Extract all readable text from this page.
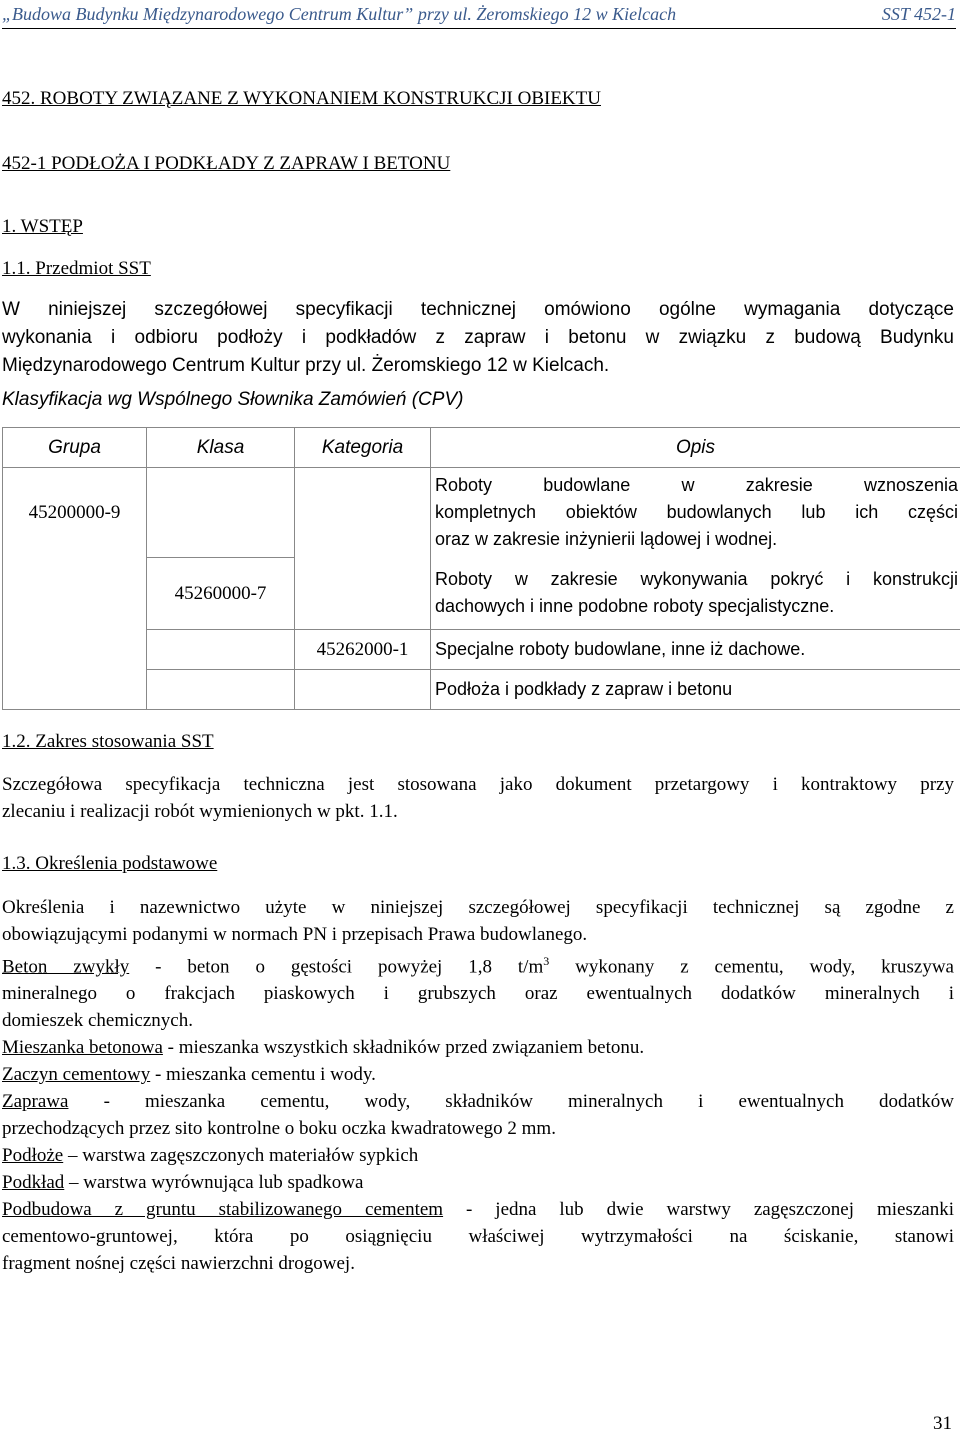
„Budowa Budynku Międzynarodowego Centrum Kultur” przy ul. Żeromskiego 12 w Kielcach	SST 452-1
452. ROBOTY ZWIĄZANE Z WYKONANIEM KONSTRUKCJI OBIEKTU
452-1 PODŁOŻA I PODKŁADY Z ZAPRAW I BETONU
1. WSTĘP
1.1. Przedmiot SST
W niniejszej szczegółowej specyfikacji technicznej omówiono ogólne wymagania dotyczące
wykonania i odbioru podłoży i podkładów z zapraw i betonu w związku z budową Budynku
Międzynarodowego Centrum Kultur przy ul. Żeromskiego 12 w Kielcach.
Klasyfikacja wg Wspólnego Słownika Zamówień (CPV)
Grupa	Klasa	Kategoria	Opis
45200000-9			Roboty budowlane w zakresie wznoszenia
kompletnych obiektów budowlanych lub ich części
oraz w zakresie inżynierii lądowej i wodnej.

	45260000-7		Roboty w zakresie wykonywania pokryć i konstrukcji
dachowych i inne podobne roboty specjalistyczne.

		45262000-1	Specjalne roboty budowlane, inne iż dachowe.

			Podłoża i podkłady z zapraw i betonu
1.2. Zakres stosowania SST
Szczegółowa specyfikacja techniczna jest stosowana jako dokument przetargowy i kontraktowy przy
zlecaniu i realizacji robót wymienionych w pkt. 1.1.
1.3. Określenia podstawowe
Określenia i nazewnictwo użyte w niniejszej szczegółowej specyfikacji technicznej są zgodne z
obowiązującymi podanymi w normach PN i przepisach Prawa budowlanego.
Beton zwykły - beton o gęstości powyżej 1,8 $t/m^3$ wykonany z cementu, wody, kruszywa
mineralnego o frakcjach piaskowych i grubszych oraz ewentualnych dodatków mineralnych i
domieszek chemicznych.
Mieszanka betonowa - mieszanka wszystkich składników przed związaniem betonu.
Zaczyn cementowy - mieszanka cementu i wody.
Zaprawa - mieszanka cementu, wody, składników mineralnych i ewentualnych dodatków
przechodzących przez sito kontrolne o boku oczka kwadratowego 2 mm.
Podłoże – warstwa zagęszczonych materiałów sypkich
Podkład – warstwa wyrównująca lub spadkowa
Podbudowa z gruntu stabilizowanego cementem - jedna lub dwie warstwy zagęszczonej mieszanki
cementowo-gruntowej, która po osiągnięciu właściwej wytrzymałości na ściskanie, stanowi
fragment nośnej części nawierzchni drogowej.
31
